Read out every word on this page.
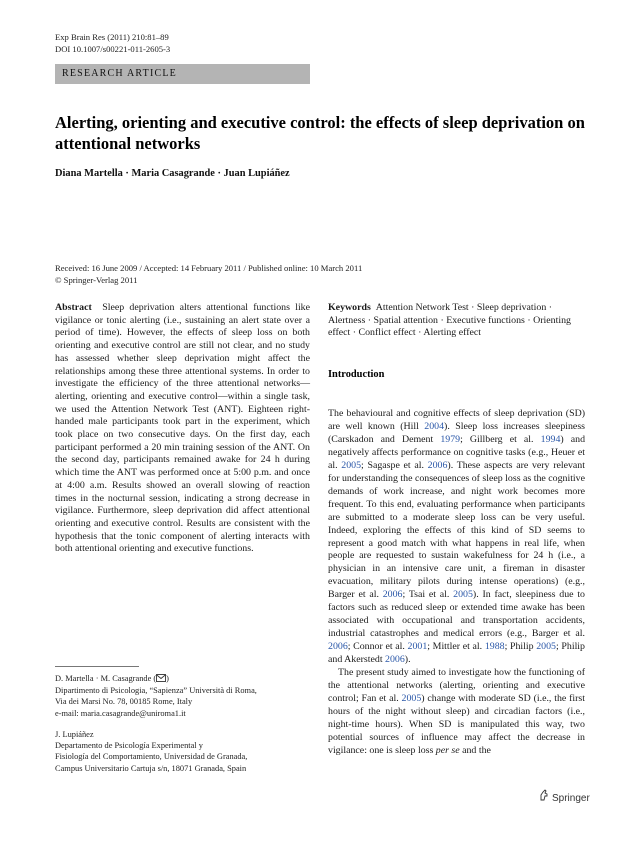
Exp Brain Res (2011) 210:81–89
DOI 10.1007/s00221-011-2605-3
RESEARCH ARTICLE
Alerting, orienting and executive control: the effects of sleep deprivation on attentional networks
Diana Martella · Maria Casagrande · Juan Lupiáñez
Received: 16 June 2009 / Accepted: 14 February 2011 / Published online: 10 March 2011
© Springer-Verlag 2011

Abstract Sleep deprivation alters attentional functions like vigilance or tonic alerting (i.e., sustaining an alert state over a period of time). However, the effects of sleep loss on both orienting and executive control are still not clear, and no study has assessed whether sleep deprivation might affect the relationships among these three attentional systems. In order to investigate the efficiency of the three attentional networks—alerting, orienting and executive control—within a single task, we used the Attention Network Test (ANT). Eighteen right-handed male participants took part in the experiment, which took place on two consecutive days. On the first day, each participant performed a 20 min training session of the ANT. On the second day, participants remained awake for 24 h during which time the ANT was performed once at 5:00 p.m. and once at 4:00 a.m. Results showed an overall slowing of reaction times in the nocturnal session, indicating a strong decrease in vigilance. Furthermore, sleep deprivation did affect attentional orienting and executive control. Results are consistent with the hypothesis that the tonic component of alerting interacts with both attentional orienting and executive functions.

Keywords Attention Network Test · Sleep deprivation · Alertness · Spatial attention · Executive functions · Orienting effect · Conflict effect · Alerting effect

Introduction

The behavioural and cognitive effects of sleep deprivation (SD) are well known (Hill 2004). Sleep loss increases sleepiness (Carskadon and Dement 1979; Gillberg et al. 1994) and negatively affects performance on cognitive tasks (e.g., Heuer et al. 2005; Sagaspe et al. 2006). These aspects are very relevant for understanding the consequences of sleep loss as the cognitive demands of work increase, and night work becomes more frequent. To this end, evaluating performance when participants are submitted to a moderate sleep loss can be very useful. Indeed, exploring the effects of this kind of SD seems to represent a good match with what happens in real life, when people are requested to sustain wakefulness for 24 h (i.e., a physician in an intensive care unit, a fireman in disaster evacuation, military pilots during intense operations) (e.g., Barger et al. 2006; Tsai et al. 2005). In fact, sleepiness due to factors such as reduced sleep or extended time awake has been associated with occupational and transportation accidents, industrial catastrophes and medical errors (e.g., Barger et al. 2006; Connor et al. 2001; Mittler et al. 1988; Philip 2005; Philip and Akerstedt 2006).

The present study aimed to investigate how the functioning of the attentional networks (alerting, orienting and executive control; Fan et al. 2005) change with moderate SD (i.e., the first hours of the night without sleep) and circadian factors (i.e., night-time hours). When SD is manipulated this way, two potential sources of influence may affect the decrease in vigilance: one is sleep loss per se and the

D. Martella · M. Casagrande ( )
Dipartimento di Psicologia, “Sapienza” Università di Roma,
Via dei Marsi No. 78, 00185 Rome, Italy
e-mail: maria.casagrande@uniroma1.it
J. Lupiáñez
Departamento de Psicología Experimental y
Fisiología del Comportamiento, Universidad de Granada,
Campus Universitario Cartuja s/n, 18071 Granada, Spain
Springer
